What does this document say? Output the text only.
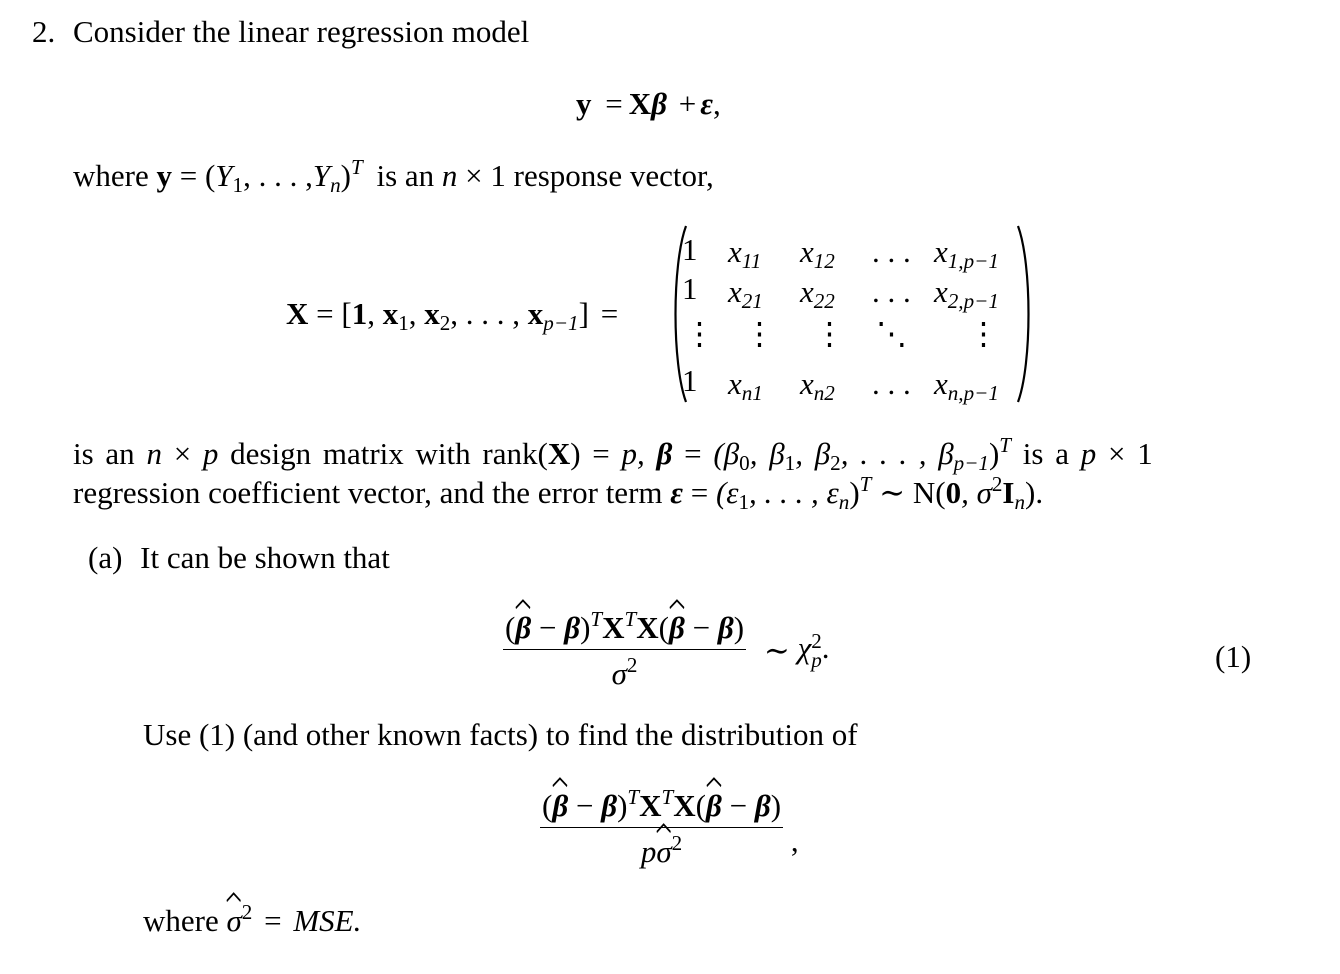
2. Consider the linear regression model
y = Xβ + ε,
where $y = (Y_1$, . . . $,Y_n)^T$ is an n × 1 response vector,
X = [1, $x_1$, $x_2$, . . . , $x_{p-1}$] =
1 $x_{11}$ $x_{12}$ . . . $x_{1,p-1}$
1 $x_{21}$ $x_{22}$ . . . $x_{2,p-1}$
⋮ ⋮ ⋮ ⋱ ⋮
1 $x_{n1}$ $x_{n2}$ . . . $x_{n,p-1}$
is an n × p design matrix with rank(X) = p, $\beta = (\beta_0$, $\beta_1$, $\beta_2$, . . . , $\beta_{p-1})^T$ is a p × 1
regression coefficient vector, and the error term $\varepsilon = (\varepsilon_1$, . . . , $\varepsilon_n)^T$ ∼ N(0, $\sigma^2I_n$).
(a) It can be shown that
(
$\beta - \beta)^TX^TX$(
β − β)
$\sigma^2$ ∼ χ 2
p .	(1)
Use (1) (and other known facts) to find the distribution of
(
$\beta - \beta)^TX^TX$(
β − β)
p
$\sigma^2$ ,
where $\sigma^2$ = MSE.
